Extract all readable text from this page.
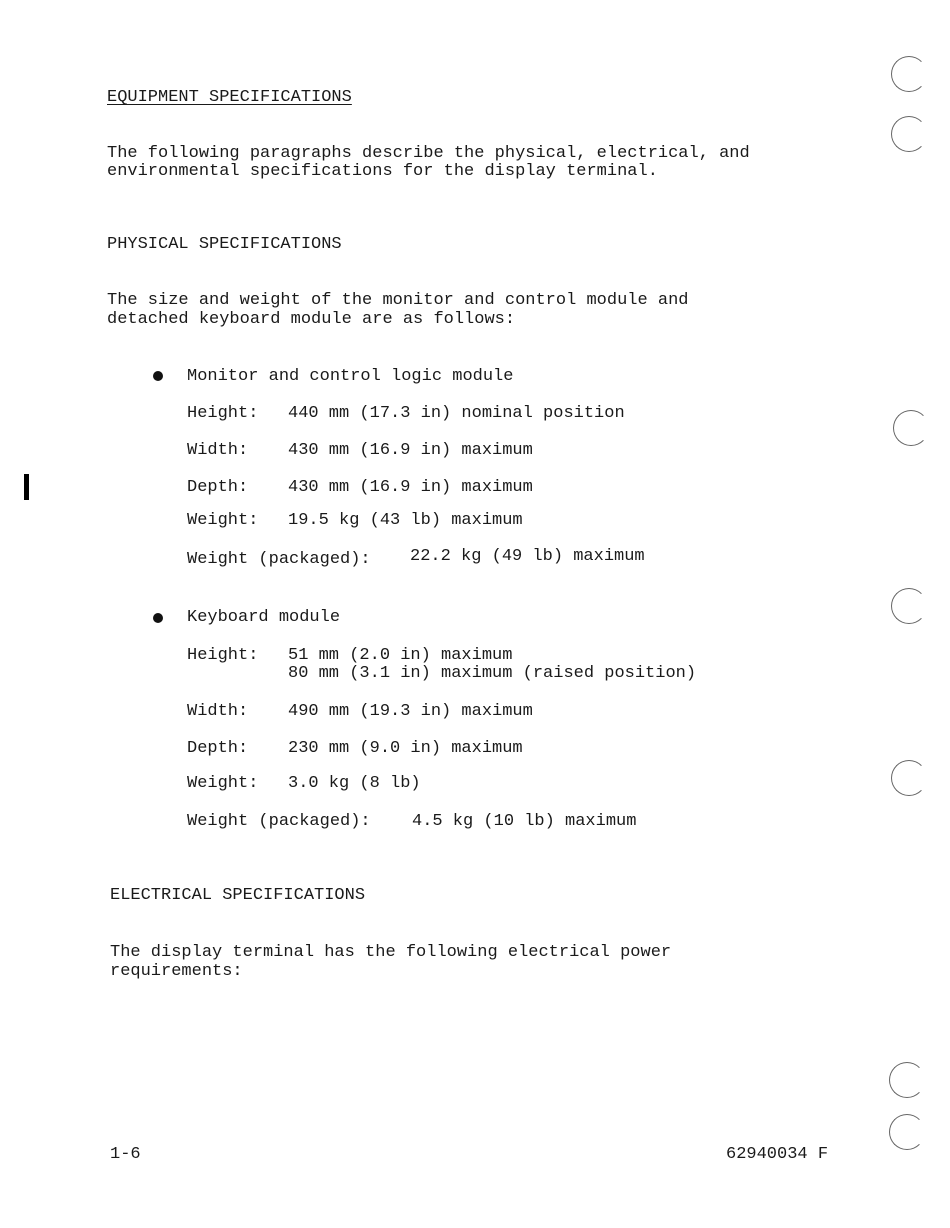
EQUIPMENT SPECIFICATIONS
The following paragraphs describe the physical, electrical, and
environmental specifications for the display terminal.
PHYSICAL SPECIFICATIONS
The size and weight of the monitor and control module and
detached keyboard module are as follows:
Monitor and control logic module
Height: 440 mm (17.3 in) nominal position
Width: 430 mm (16.9 in) maximum
Depth: 430 mm (16.9 in) maximum
Weight: 19.5 kg (43 lb) maximum
Weight (packaged): 22.2 kg (49 lb) maximum
Keyboard module
Height: 51 mm (2.0 in) maximum
80 mm (3.1 in) maximum (raised position)
Width: 490 mm (19.3 in) maximum
Depth: 230 mm (9.0 in) maximum
Weight: 3.0 kg (8 lb)
Weight (packaged): 4.5 kg (10 lb) maximum
ELECTRICAL SPECIFICATIONS
The display terminal has the following electrical power
requirements:
1-6	62940034 F
